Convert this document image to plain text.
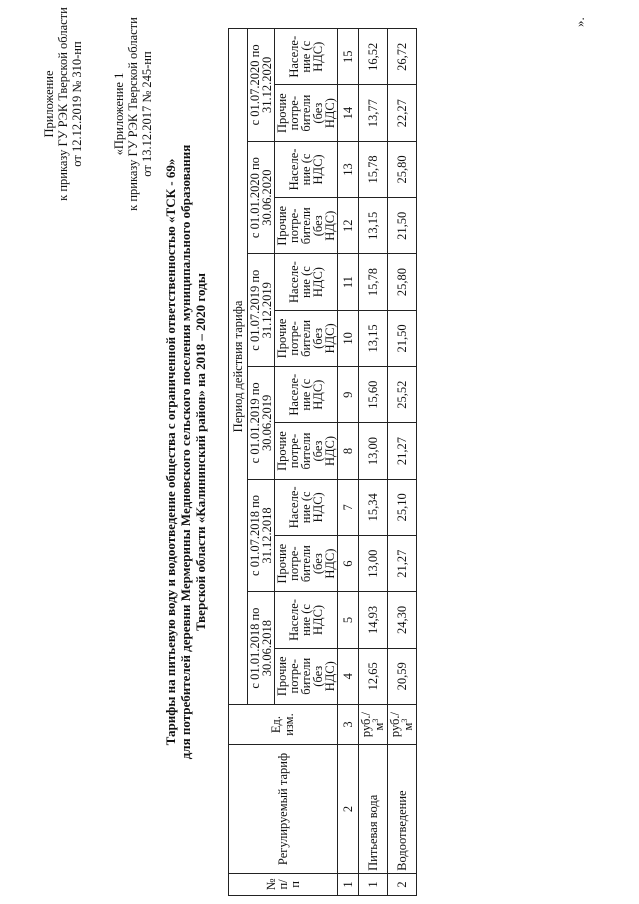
Приложение к приказу ГУ РЭК Тверской области от 12.12.2019 № 310-нп «Приложение 1 к приказу ГУ РЭК Тверской области от 13.12.2017 № 245-нп
Тарифы на питьевую воду и водоотведение общества с ограниченной ответственностью «ТСК - 69» для потребителей деревни Мермерины Медновского сельского поселения муниципального образования Тверской области «Калининский район» на 2018 – 2020 годы
№ п/ п	Регулируемый тариф	Ед. изм.	Период действия тарифа											
			с 01.01.2018 по 30.06.2018		с 01.07.2018 по 31.12.2018		с 01.01.2019 по 30.06.2019		с 01.07.2019 по 31.12.2019		с 01.01.2020 по 30.06.2020		с 01.07.2020 по 31.12.2020	
			Прочие потре- бители (без НДС)	Населе- ние (с НДС)	Прочие потре- бители (без НДС)	Населе- ние (с НДС)	Прочие потре- бители (без НДС)	Населе- ние (с НДС)	Прочие потре- бители (без НДС)	Населе- ние (с НДС)	Прочие потре- бители (без НДС)	Населе- ние (с НДС)	Прочие потре- бители (без НДС)	Населе- ние (с НДС)
1	2	3	4	5	6	7	8	9	10	11	12	13	14	15
1	Питьевая вода	$руб./м^3$	12,65	14,93	13,00	15,34	13,00	15,60	13,15	15,78	13,15	15,78	13,77	16,52
2	Водоотведение	$руб./м^3$	20,59	24,30	21,27	25,10	21,27	25,52	21,50	25,80	21,50	25,80	22,27	26,72
».
